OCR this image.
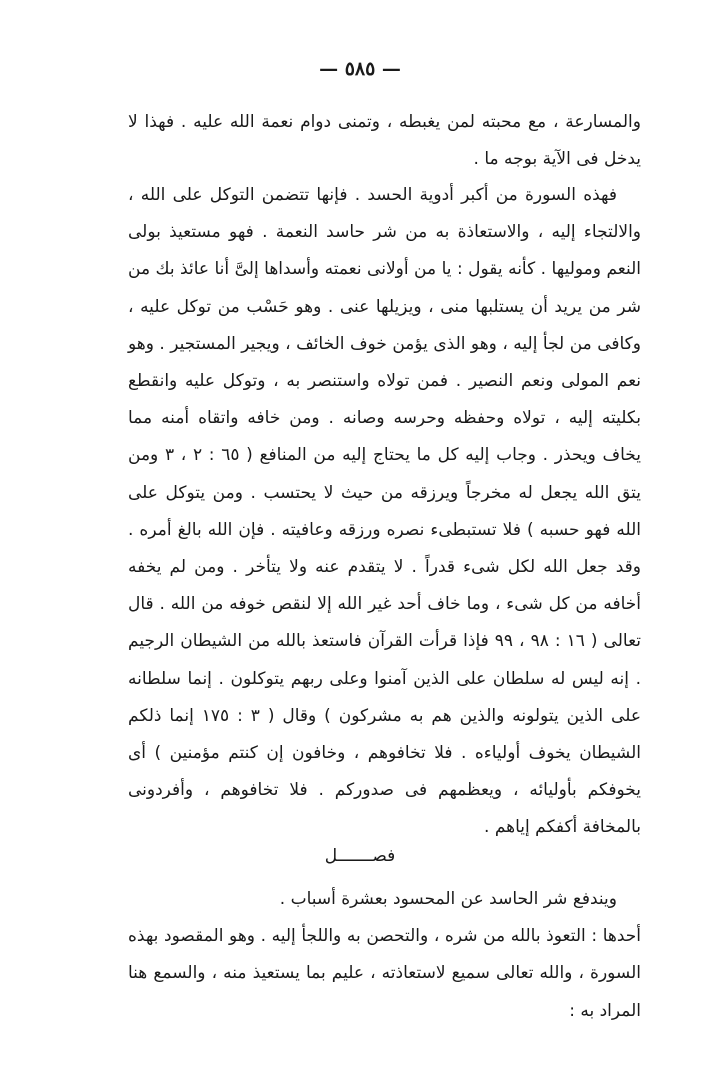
— ٥٨٥ —

والمسارعة ، مع محبته لمن يغبطه ، وتمنى دوام نعمة الله عليه . فهذا لا يدخل فى الآية بوجه ما .

فهذه السورة من أكبر أدوية الحسد . فإنها تتضمن التوكل على الله ، والالتجاء إليه ، والاستعاذة به من شر حاسد النعمة . فهو مستعيذ بولى النعم وموليها . كأنه يقول : يا من أولانى نعمته وأسداها إلىَّ أنا عائذ بك من شر من يريد أن يستلبها منى ، ويزيلها عنى . وهو حَسْب من توكل عليه ، وكافى من لجأ إليه ، وهو الذى يؤمن خوف الخائف ، ويجير المستجير . وهو نعم المولى ونعم النصير . فمن تولاه واستنصر به ، وتوكل عليه وانقطع بكليته إليه ، تولاه وحفظه وحرسه وصانه . ومن خافه واتقاه أمنه مما يخاف ويحذر . وجاب إليه كل ما يحتاج إليه من المنافع ( ٦٥ : ٢ ، ٣ ومن يتق الله يجعل له مخرجاً ويرزقه من حيث لا يحتسب . ومن يتوكل على الله فهو حسبه ) فلا تستبطىء نصره ورزقه وعافيته . فإن الله بالغ أمره . وقد جعل الله لكل شىء قدراً . لا يتقدم عنه ولا يتأخر . ومن لم يخفه أخافه من كل شىء ، وما خاف أحد غير الله إلا لنقص خوفه من الله . قال تعالى ( ١٦ : ٩٨ ، ٩٩ فإذا قرأت القرآن فاستعذ بالله من الشيطان الرجيم . إنه ليس له سلطان على الذين آمنوا وعلى ربهم يتوكلون . إنما سلطانه على الذين يتولونه والذين هم به مشركون ) وقال ( ٣ : ١٧٥ إنما ذلكم الشيطان يخوف أولياءه . فلا تخافوهم ، وخافون إن كنتم مؤمنين ) أى يخوفكم بأوليائه ، ويعظمهم فى صدوركم . فلا تخافوهم ، وأفردونى بالمخافة أكفكم إياهم .

فصـــــــل

ويندفع شر الحاسد عن المحسود بعشرة أسباب .

أحدها : التعوذ بالله من شره ، والتحصن به واللجأ إليه . وهو المقصود بهذه السورة ، والله تعالى سميع لاستعاذته ، عليم بما يستعيذ منه ، والسمع هنا المراد به :
